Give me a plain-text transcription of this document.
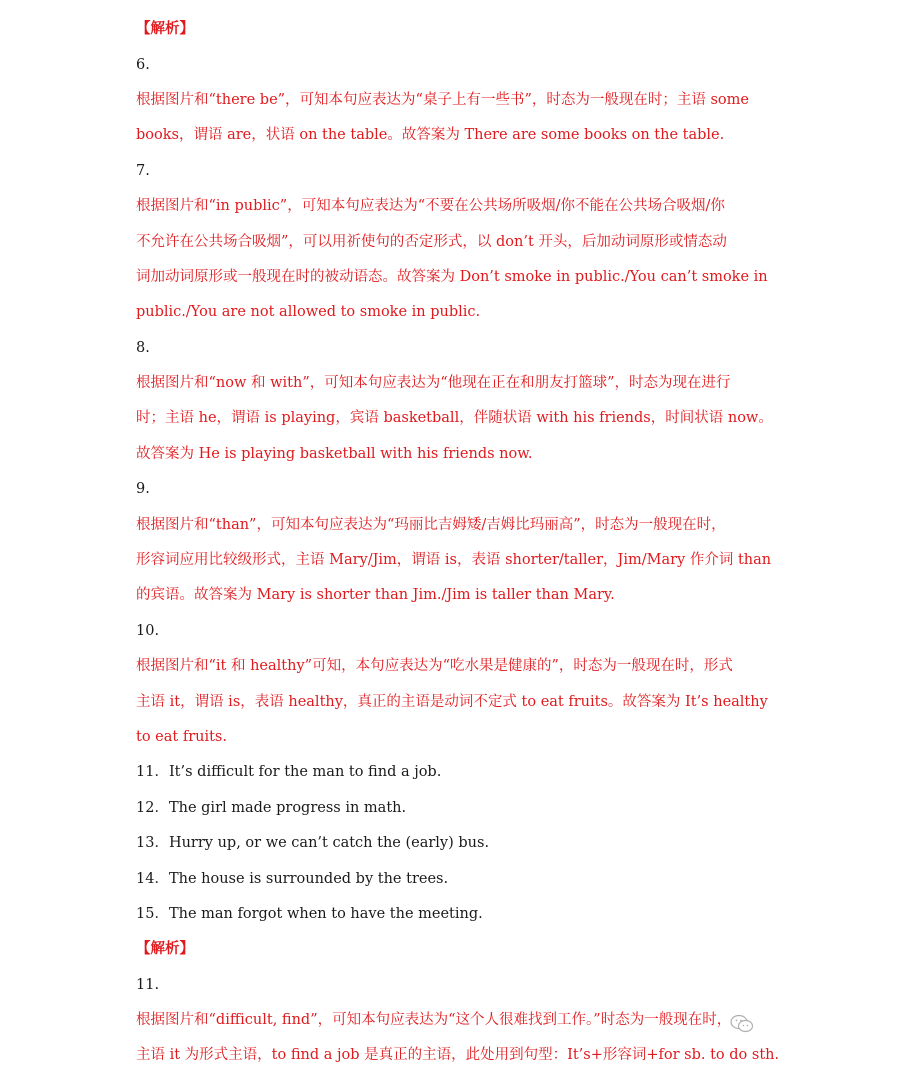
【解析】
6.
根据图片和“there be”，可知本句应表达为“桌子上有一些书”，时态为一般现在时；主语 some
books，谓语 are，状语 on the table。故答案为 There are some books on the table.
7.
根据图片和“in public”，可知本句应表达为“不要在公共场所吸烟/你不能在公共场合吸烟/你
不允许在公共场合吸烟”，可以用祈使句的否定形式，以 don’t 开头，后加动词原形或情态动
词加动词原形或一般现在时的被动语态。故答案为 Don’t smoke in public./You can’t smoke in
public./You are not allowed to smoke in public.
8.
根据图片和“now 和 with”，可知本句应表达为“他现在正在和朋友打篮球”，时态为现在进行
时；主语 he，谓语 is playing，宾语 basketball，伴随状语 with his friends，时间状语 now。
故答案为 He is playing basketball with his friends now.
9.
根据图片和“than”，可知本句应表达为“玛丽比吉姆矮/吉姆比玛丽高”，时态为一般现在时，
形容词应用比较级形式，主语 Mary/Jim，谓语 is，表语 shorter/taller，Jim/Mary 作介词 than
的宾语。故答案为 Mary is shorter than Jim./Jim is taller than Mary.
10.
根据图片和“it 和 healthy”可知，本句应表达为“吃水果是健康的”，时态为一般现在时，形式
主语 it，谓语 is，表语 healthy，真正的主语是动词不定式 to eat fruits。故答案为 It’s healthy
to eat fruits.
11．It’s difficult for the man to find a job.
12．The girl made progress in math.
13．Hurry up, or we can’t catch the (early) bus.
14．The house is surrounded by the trees.
15．The man forgot when to have the meeting.
【解析】
11.
根据图片和“difficult, find”，可知本句应表达为“这个人很难找到工作。”时态为一般现在时，
主语 it 为形式主语，to find a job 是真正的主语，此处用到句型：It’s+形容词+for sb. to do sth.
